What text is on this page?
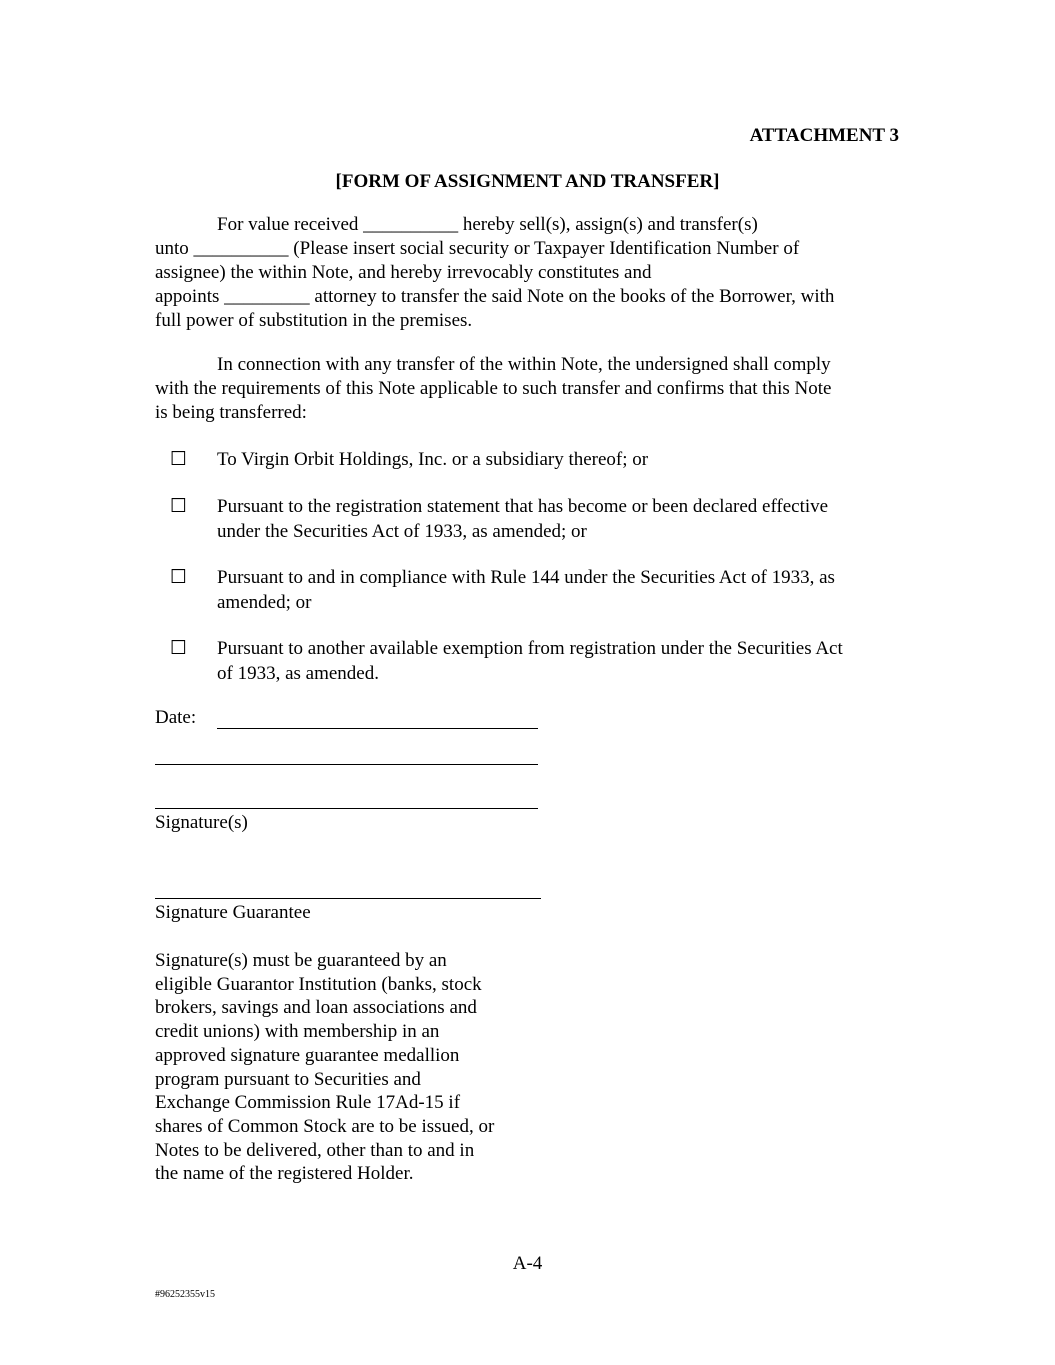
ATTACHMENT 3
[FORM OF ASSIGNMENT AND TRANSFER]
For value received __________ hereby sell(s), assign(s) and transfer(s)
unto __________ (Please insert social security or Taxpayer Identification Number of
assignee) the within Note, and hereby irrevocably constitutes and
appoints _________ attorney to transfer the said Note on the books of the Borrower, with
full power of substitution in the premises.
In connection with any transfer of the within Note, the undersigned shall comply
with the requirements of this Note applicable to such transfer and confirms that this Note
is being transferred:
☐ To Virgin Orbit Holdings, Inc. or a subsidiary thereof; or
☐ Pursuant to the registration statement that has become or been declared effective
under the Securities Act of 1933, as amended; or
☐ Pursuant to and in compliance with Rule 144 under the Securities Act of 1933, as
amended; or
☐ Pursuant to another available exemption from registration under the Securities Act
of 1933, as amended.
Date:
Signature(s)
Signature Guarantee
Signature(s) must be guaranteed by an
eligible Guarantor Institution (banks, stock
brokers, savings and loan associations and
credit unions) with membership in an
approved signature guarantee medallion
program pursuant to Securities and
Exchange Commission Rule 17Ad-15 if
shares of Common Stock are to be issued, or
Notes to be delivered, other than to and in
the name of the registered Holder.
A-4
#96252355v15
